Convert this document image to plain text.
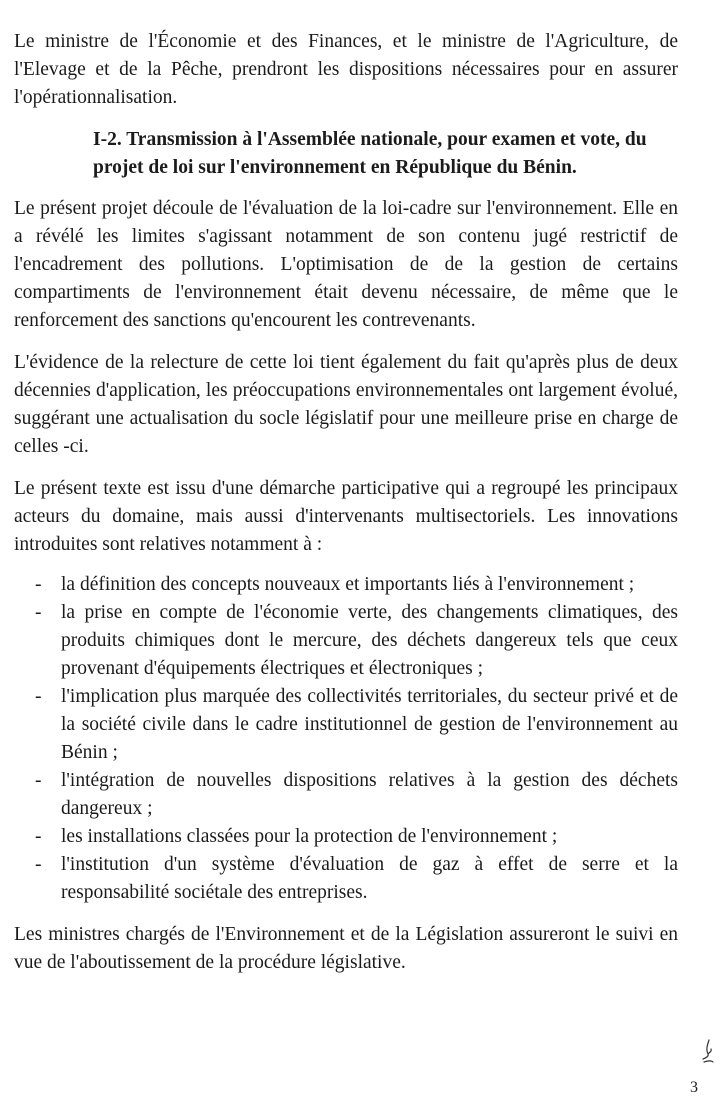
Le ministre de l'Économie et des Finances, et le ministre de l'Agriculture, de l'Elevage et de la Pêche, prendront les dispositions nécessaires pour en assurer l'opérationnalisation.

I-2. Transmission à l'Assemblée nationale, pour examen et vote, du projet de loi sur l'environnement en République du Bénin.

Le présent projet découle de l'évaluation de la loi-cadre sur l'environnement. Elle en a révélé les limites s'agissant notamment de son contenu jugé restrictif de l'encadrement des pollutions. L'optimisation de de la gestion de certains compartiments de l'environnement était devenu nécessaire, de même que le renforcement des sanctions qu'encourent les contrevenants.

L'évidence de la relecture de cette loi tient également du fait qu'après plus de deux décennies d'application, les préoccupations environnementales ont largement évolué, suggérant une actualisation du socle législatif pour une meilleure prise en charge de celles -ci.

Le présent texte est issu d'une démarche participative qui a regroupé les principaux acteurs du domaine, mais aussi d'intervenants multisectoriels. Les innovations introduites sont relatives notamment à :

- la définition des concepts nouveaux et importants liés à l'environnement ;
- la prise en compte de l'économie verte, des changements climatiques, des produits chimiques dont le mercure, des déchets dangereux tels que ceux provenant d'équipements électriques et électroniques ;
- l'implication plus marquée des collectivités territoriales, du secteur privé et de la société civile dans le cadre institutionnel de gestion de l'environnement au Bénin ;
- l'intégration de nouvelles dispositions relatives à la gestion des déchets dangereux ;
- les installations classées pour la protection de l'environnement ;
- l'institution d'un système d'évaluation de gaz à effet de serre et la responsabilité sociétale des entreprises.

Les ministres chargés de l'Environnement et de la Législation assureront le suivi en vue de l'aboutissement de la procédure législative.

3
